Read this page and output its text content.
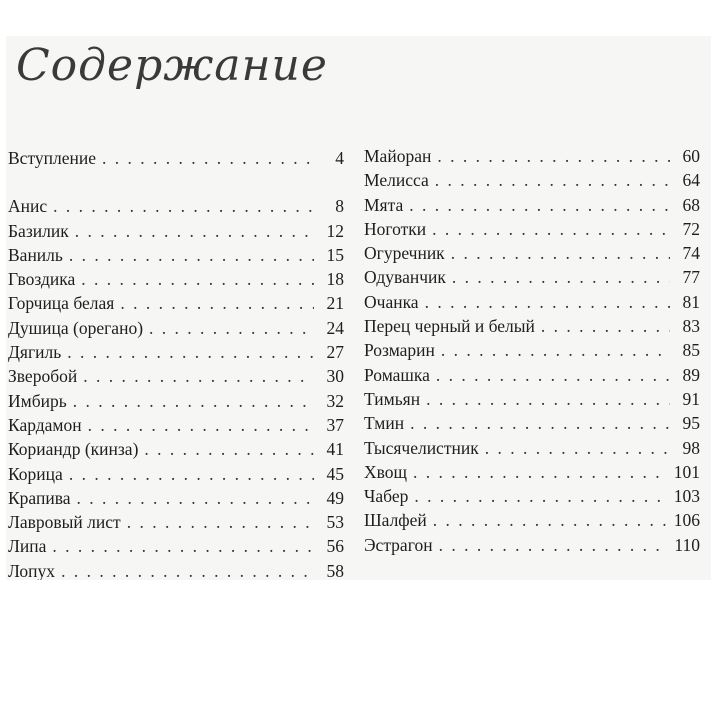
Содержание
Вступление . . .	4
Анис . . .	8
Базилик . . .	12
Ваниль . . .	15
Гвоздика . . .	18
Горчица белая . . .	21
Душица (орегано) . . .	24
Дягиль . . .	27
Зверобой . . .	30
Имбирь . . .	32
Кардамон . . .	37
Кориандр (кинза) . . .	41
Корица . . .	45
Крапива . . .	49
Лавровый лист . . .	53
Липа . . .	56
Лопух . . .	58
Майоран . . .	60
Мелисса . . .	64
Мята . . .	68
Ноготки . . .	72
Огуречник . . .	74
Одуванчик . . .	77
Очанка . . .	81
Перец черный и белый . . .	83
Розмарин . . .	85
Ромашка . . .	89
Тимьян . . .	91
Тмин . . .	95
Тысячелистник . . .	98
Хвощ . . .	101
Чабер . . .	103
Шалфей . . .	106
Эстрагон . . .	110
